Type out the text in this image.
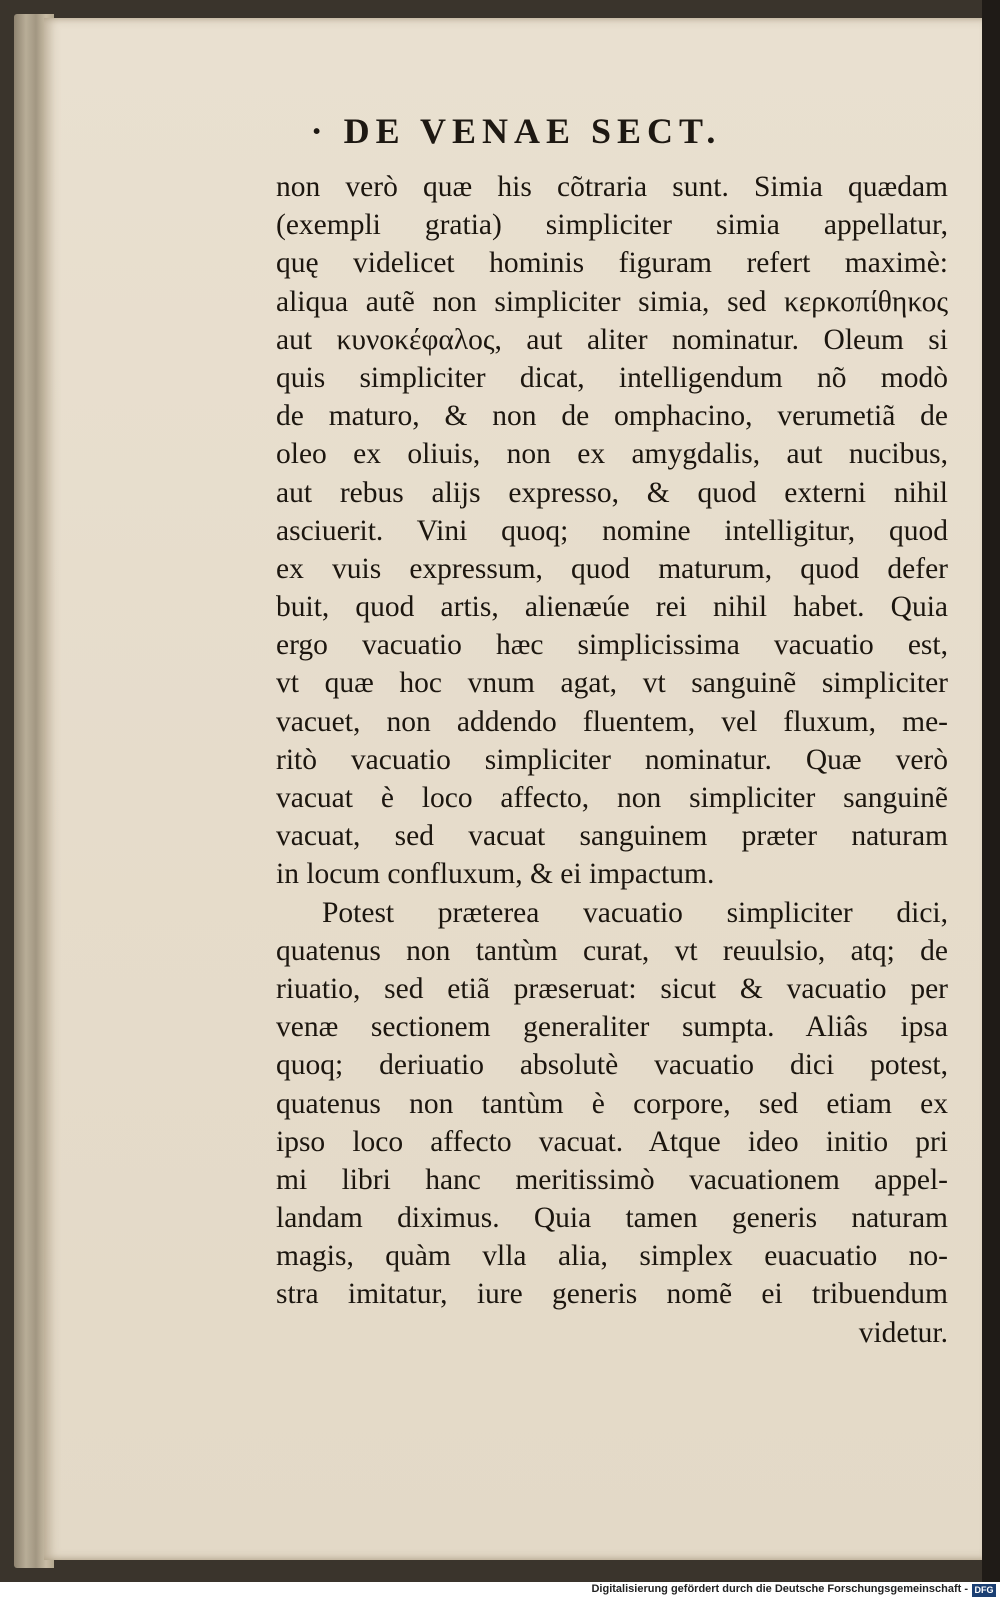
· DE VENAE SECT.
non verò quæ his cõtraria sunt. Simia quædam
(exempli gratia) simpliciter simia appellatur,
quę videlicet hominis figuram refert maximè:
aliqua autẽ non simpliciter simia, sed κερκοπίθηκος
aut κυνοκέφαλος, aut aliter nominatur. Oleum si
quis simpliciter dicat, intelligendum nõ modò
de maturo, & non de omphacino, verumetiã de
oleo ex oliuis, non ex amygdalis, aut nucibus,
aut rebus alĳs expresso, & quod externi nihil
asciuerit. Vini quoq; nomine intelligitur, quod
ex vuis expressum, quod maturum, quod defer
buit, quod artis, alienæúe rei nihil habet. Quia
ergo vacuatio hæc simplicissima vacuatio est,
vt quæ hoc vnum agat, vt sanguinẽ simpliciter
vacuet, non addendo fluentem, vel fluxum, me-
ritò vacuatio simpliciter nominatur. Quæ verò
vacuat è loco affecto, non simpliciter sanguinẽ
vacuat, sed vacuat sanguinem præter naturam
in locum confluxum, & ei impactum.
Potest præterea vacuatio simpliciter dici,
quatenus non tantùm curat, vt reuulsio, atq; de
riuatio, sed etiã præseruat: sicut & vacuatio per
venæ sectionem generaliter sumpta. Aliâs ipsa
quoq; deriuatio absolutè vacuatio dici potest,
quatenus non tantùm è corpore, sed etiam ex
ipso loco affecto vacuat. Atque ideo initio pri
mi libri hanc meritissimò vacuationem appel-
landam diximus. Quia tamen generis naturam
magis, quàm vlla alia, simplex euacuatio no-
stra imitatur, iure generis nomẽ ei tribuendum
videtur.
Digitalisierung gefördert durch die Deutsche Forschungsgemeinschaft - DFG
